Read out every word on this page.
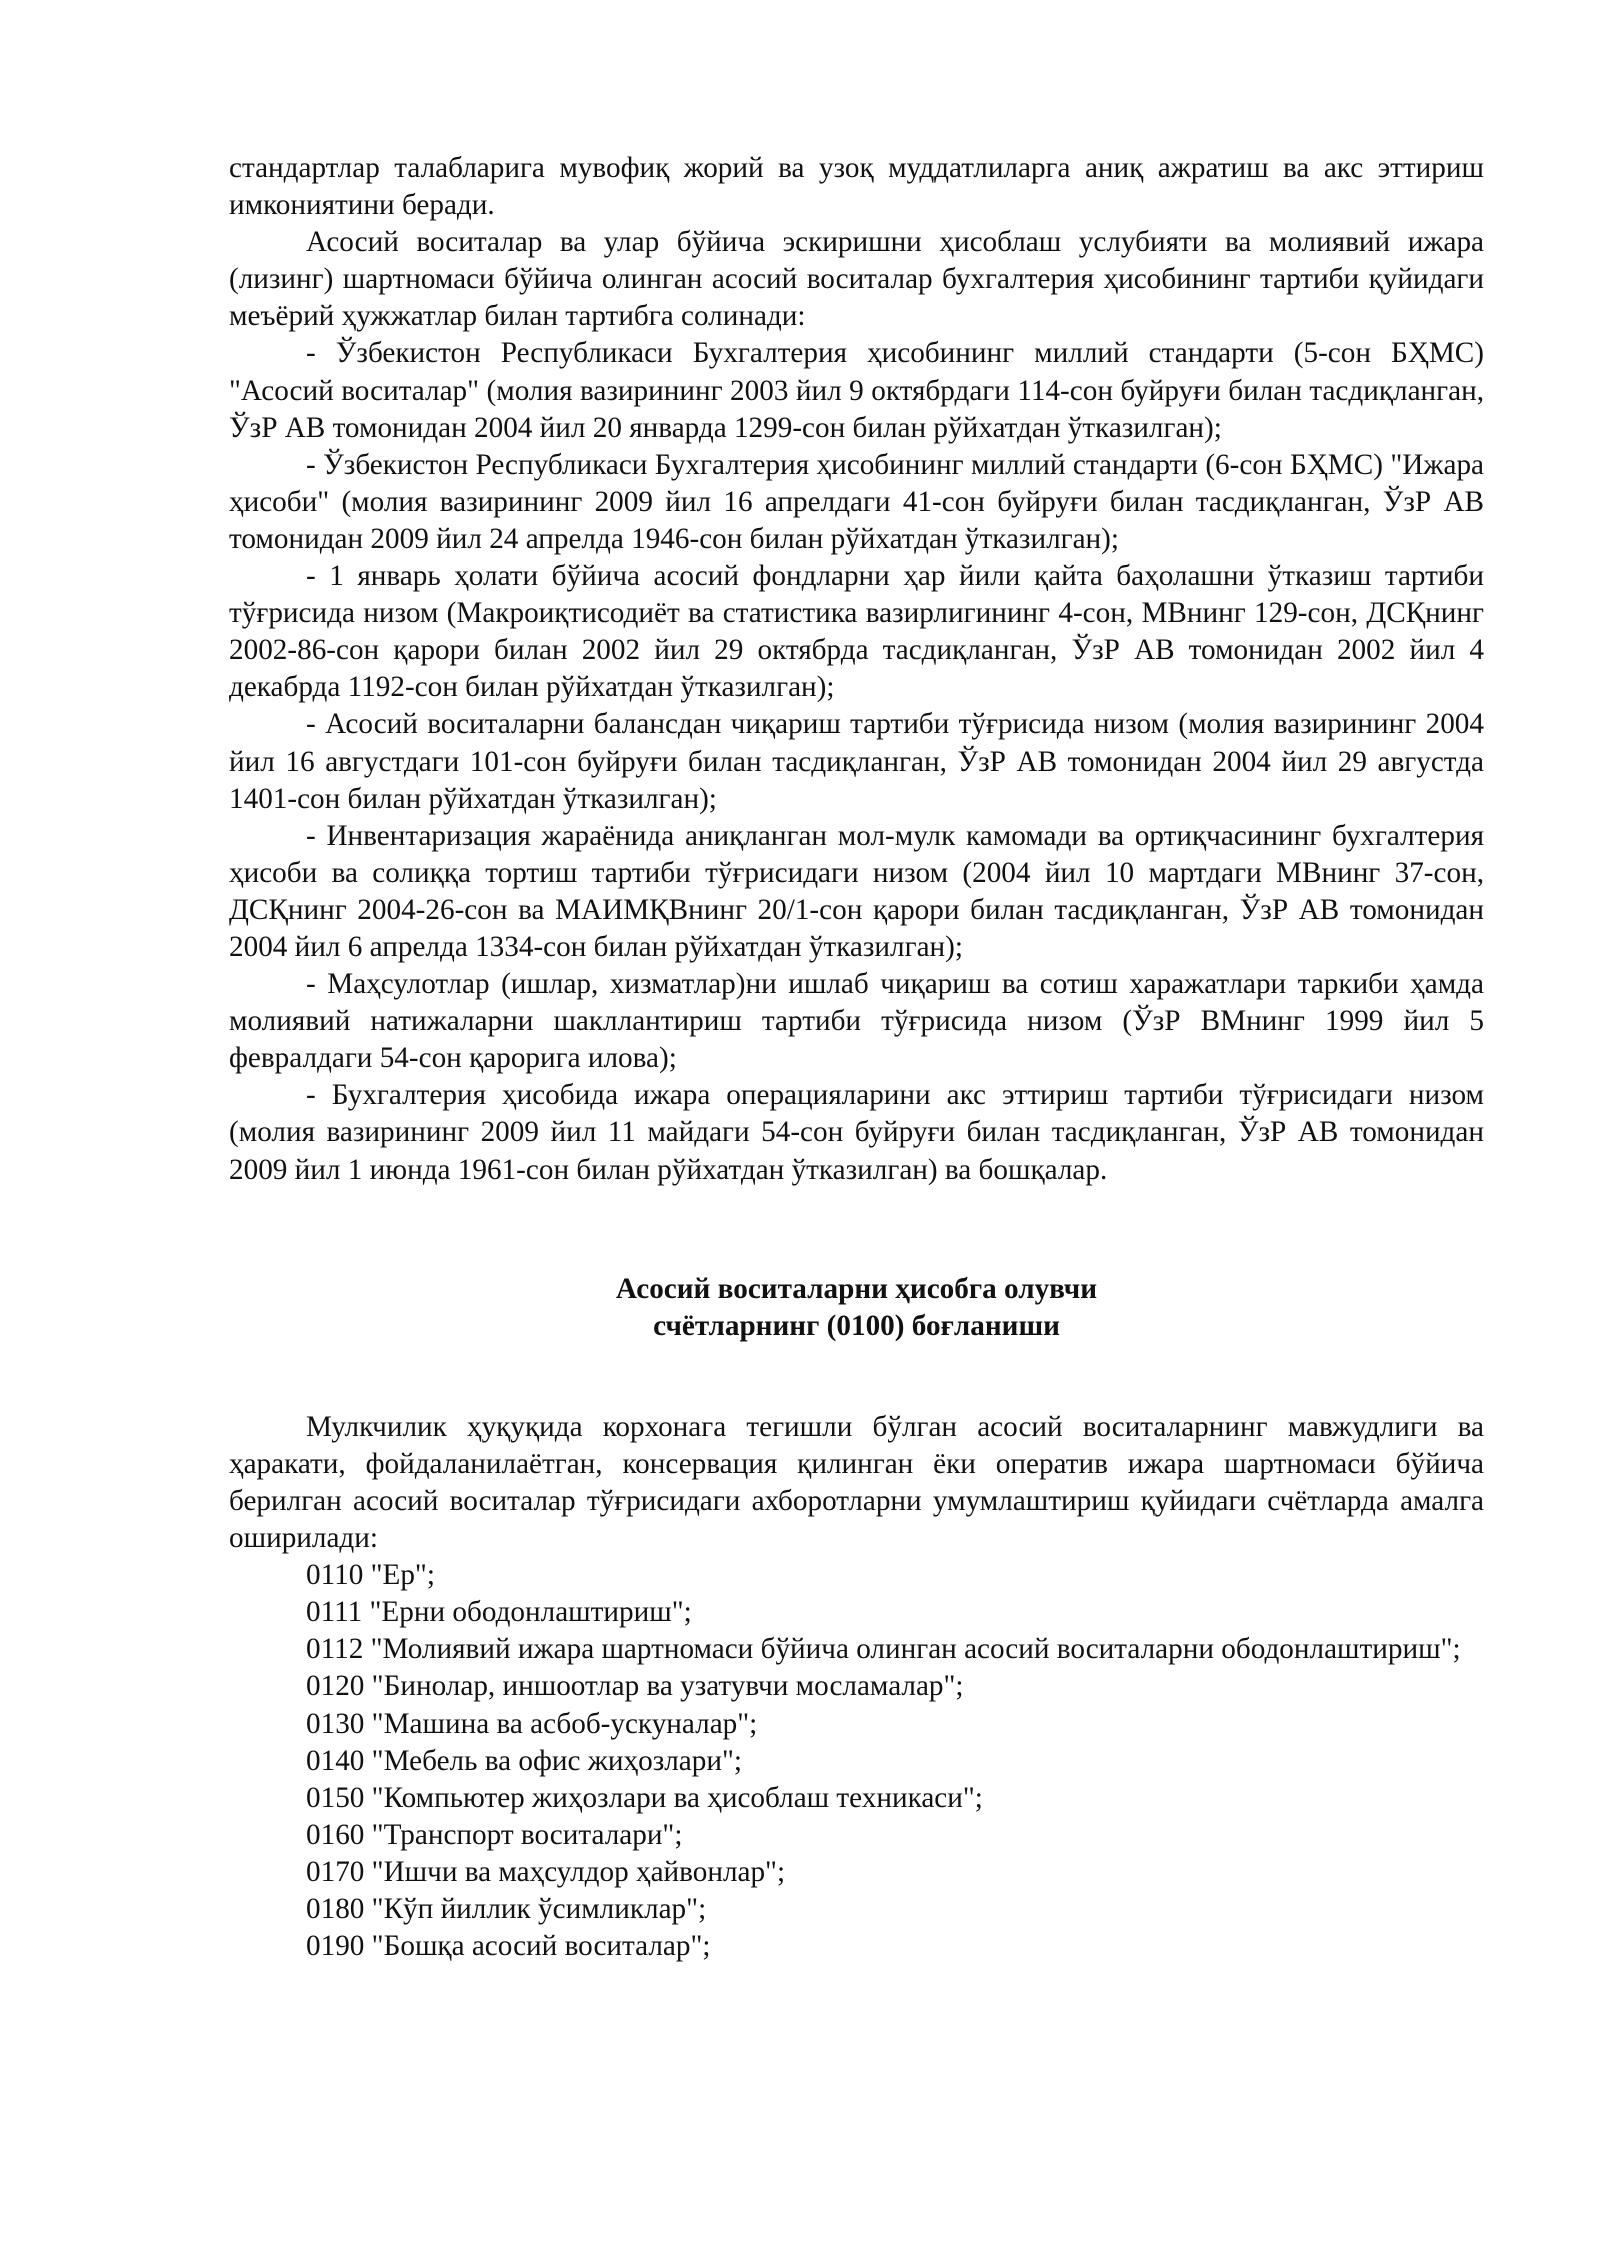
стандартлар талабларига мувофиқ жорий ва узоқ муддатлиларга аниқ ажратиш ва акс эттириш имкониятини беради.

Асосий воситалар ва улар бўйича эскиришни ҳисоблаш услубияти ва молиявий ижара (лизинг) шартномаси бўйича олинган асосий воситалар бухгалтерия ҳисобининг тартиби қуйидаги меъёрий ҳужжатлар билан тартибга солинади:

- Ўзбекистон Республикаси Бухгалтерия ҳисобининг миллий стандарти (5-сон БҲМС) "Асосий воситалар" (молия вазирининг 2003 йил 9 октябрдаги 114-сон буйруғи билан тасдиқланган, ЎзР АВ томонидан 2004 йил 20 январда 1299-сон билан рўйхатдан ўтказилган);

- Ўзбекистон Республикаси Бухгалтерия ҳисобининг миллий стандарти (6-сон БҲМС) "Ижара ҳисоби" (молия вазирининг 2009 йил 16 апрелдаги 41-сон буйруғи билан тасдиқланган, ЎзР АВ томонидан 2009 йил 24 апрелда 1946-сон билан рўйхатдан ўтказилган);

- 1 январь ҳолати бўйича асосий фондларни ҳар йили қайта баҳолашни ўтказиш тартиби тўғрисида низом (Макроиқтисодиёт ва статистика вазирлигининг 4-сон, МВнинг 129-сон, ДСҚнинг 2002-86-сон қарори билан 2002 йил 29 октябрда тасдиқланган, ЎзР АВ томонидан 2002 йил 4 декабрда 1192-сон билан рўйхатдан ўтказилган);

- Асосий воситаларни балансдан чиқариш тартиби тўғрисида низом (молия вазирининг 2004 йил 16 августдаги 101-сон буйруғи билан тасдиқланган, ЎзР АВ томонидан 2004 йил 29 августда 1401-сон билан рўйхатдан ўтказилган);

- Инвентаризация жараёнида аниқланган мол-мулк камомади ва ортиқчасининг бухгалтерия ҳисоби ва солиққа тортиш тартиби тўғрисидаги низом (2004 йил 10 мартдаги МВнинг 37-сон, ДСҚнинг 2004-26-сон ва МАИМҚВнинг 20/1-сон қарори билан тасдиқланган, ЎзР АВ томонидан 2004 йил 6 апрелда 1334-сон билан рўйхатдан ўтказилган);

- Маҳсулотлар (ишлар, хизматлар)ни ишлаб чиқариш ва сотиш харажатлари таркиби ҳамда молиявий натижаларни шакллантириш тартиби тўғрисида низом (ЎзР ВМнинг 1999 йил 5 февралдаги 54-сон қарорига илова);

- Бухгалтерия ҳисобида ижара операцияларини акс эттириш тартиби тўғрисидаги низом (молия вазирининг 2009 йил 11 майдаги 54-сон буйруғи билан тасдиқланган, ЎзР АВ томонидан 2009 йил 1 июнда 1961-сон билан рўйхатдан ўтказилган) ва бошқалар.

Асосий воситаларни ҳисобга олувчи

счётларнинг (0100) боғланиши

Мулкчилик ҳуқуқида корхонага тегишли бўлган асосий воситаларнинг мавжудлиги ва ҳаракати, фойдаланилаётган, консервация қилинган ёки оператив ижара шартномаси бўйича берилган асосий воситалар тўғрисидаги ахборотларни умумлаштириш қуйидаги счётларда амалга оширилади:

0110 "Ер";

0111 "Ерни ободонлаштириш";

0112 "Молиявий ижара шартномаси бўйича олинган асосий воситаларни ободонлаштириш";

0120 "Бинолар, иншоотлар ва узатувчи мосламалар";

0130 "Машина ва асбоб-ускуналар";

0140 "Мебель ва офис жиҳозлари";

0150 "Компьютер жиҳозлари ва ҳисоблаш техникаси";

0160 "Транспорт воситалари";

0170 "Ишчи ва маҳсулдор ҳайвонлар";

0180 "Кўп йиллик ўсимликлар";

0190 "Бошқа асосий воситалар";
